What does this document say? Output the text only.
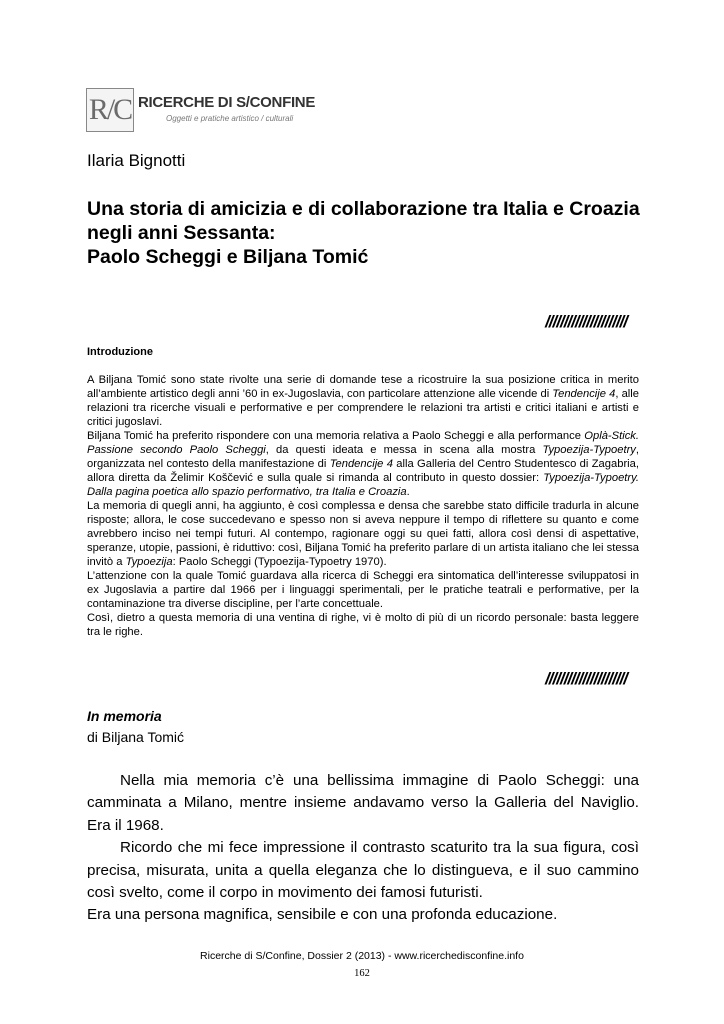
R/C RICERCHE DI S/CONFINE
Oggetti e pratiche artistico / culturali
Ilaria Bignotti
Una storia di amicizia e di collaborazione tra Italia e Croazia
negli anni Sessanta:
Paolo Scheggi e Biljana Tomić
//////////////////////
Introduzione

A Biljana Tomić sono state rivolte una serie di domande tese a ricostruire la sua posizione critica in merito all’ambiente artistico degli anni ’60 in ex-Jugoslavia, con particolare attenzione alle vicende di Tendencije 4, alle relazioni tra ricerche visuali e performative e per comprendere le relazioni tra artisti e critici italiani e artisti e critici jugoslavi.

Biljana Tomić ha preferito rispondere con una memoria relativa a Paolo Scheggi e alla performance Oplà-Stick. Passione secondo Paolo Scheggi, da questi ideata e messa in scena alla mostra Typoezija-Typoetry, organizzata nel contesto della manifestazione di Tendencije 4 alla Galleria del Centro Studentesco di Zagabria, allora diretta da Želimir Koščević e sulla quale si rimanda al contributo in questo dossier: Typoezija-Typoetry. Dalla pagina poetica allo spazio performativo, tra Italia e Croazia.

La memoria di quegli anni, ha aggiunto, è così complessa e densa che sarebbe stato difficile tradurla in alcune risposte; allora, le cose succedevano e spesso non si aveva neppure il tempo di riflettere su quanto e come avrebbero inciso nei tempi futuri. Al contempo, ragionare oggi su quei fatti, allora così densi di aspettative, speranze, utopie, passioni, è riduttivo: così, Biljana Tomić ha preferito parlare di un artista italiano che lei stessa invitò a Typoezija: Paolo Scheggi (Typoezija-Typoetry 1970).

L’attenzione con la quale Tomić guardava alla ricerca di Scheggi era sintomatica dell’interesse sviluppatosi in ex Jugoslavia a partire dal 1966 per i linguaggi sperimentali, per le pratiche teatrali e performative, per la contaminazione tra diverse discipline, per l’arte concettuale.

Così, dietro a questa memoria di una ventina di righe, vi è molto di più di un ricordo personale: basta leggere tra le righe.

//////////////////////
In memoria
di Biljana Tomić

Nella mia memoria c’è una bellissima immagine di Paolo Scheggi: una camminata a Milano, mentre insieme andavamo verso la Galleria del Naviglio. Era il 1968.

Ricordo che mi fece impressione il contrasto scaturito tra la sua figura, così precisa, misurata, unita a quella eleganza che lo distingueva, e il suo cammino così svelto, come il corpo in movimento dei famosi futuristi.

Era una persona magnifica, sensibile e con una profonda educazione.

Ricerche di S/Confine, Dossier 2 (2013) - www.ricerchedisconfine.info
162
